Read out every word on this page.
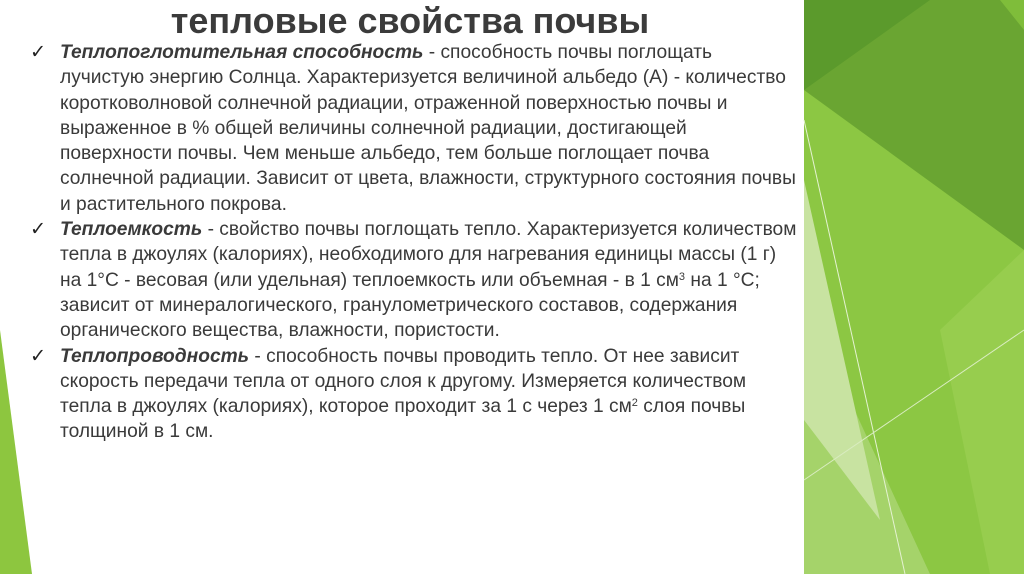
тепловые свойства почвы
✓ Теплопоглотительная способность - способность почвы поглощать лучистую энергию Солнца. Характеризуется величиной альбедо (А) - количество коротковолновой солнечной радиации, отраженной поверхностью почвы и выраженное в % общей величины солнечной радиации, достигающей поверхности почвы. Чем меньше альбедо, тем больше поглощает почва солнечной радиации. Зависит от цвета, влажности, структурного состояния почвы и растительного покрова.
✓ Теплоемкость - свойство почвы поглощать тепло. Характеризуется количеством тепла в джоулях (калориях), необходимого для нагревания единицы массы (1 г) на 1°С - весовая (или удельная) теплоемкость или объемная - в 1 $см^3$ на 1 °С; зависит от минералогического, гранулометрического составов, содержания органического вещества, влажности, пористости.
✓ Теплопроводность - способность почвы проводить тепло. От нее зависит скорость передачи тепла от одного слоя к другому. Измеряется количеством тепла в джоулях (калориях), которое проходит за 1 с через 1 $см^2$ слоя почвы толщиной в 1 см.
